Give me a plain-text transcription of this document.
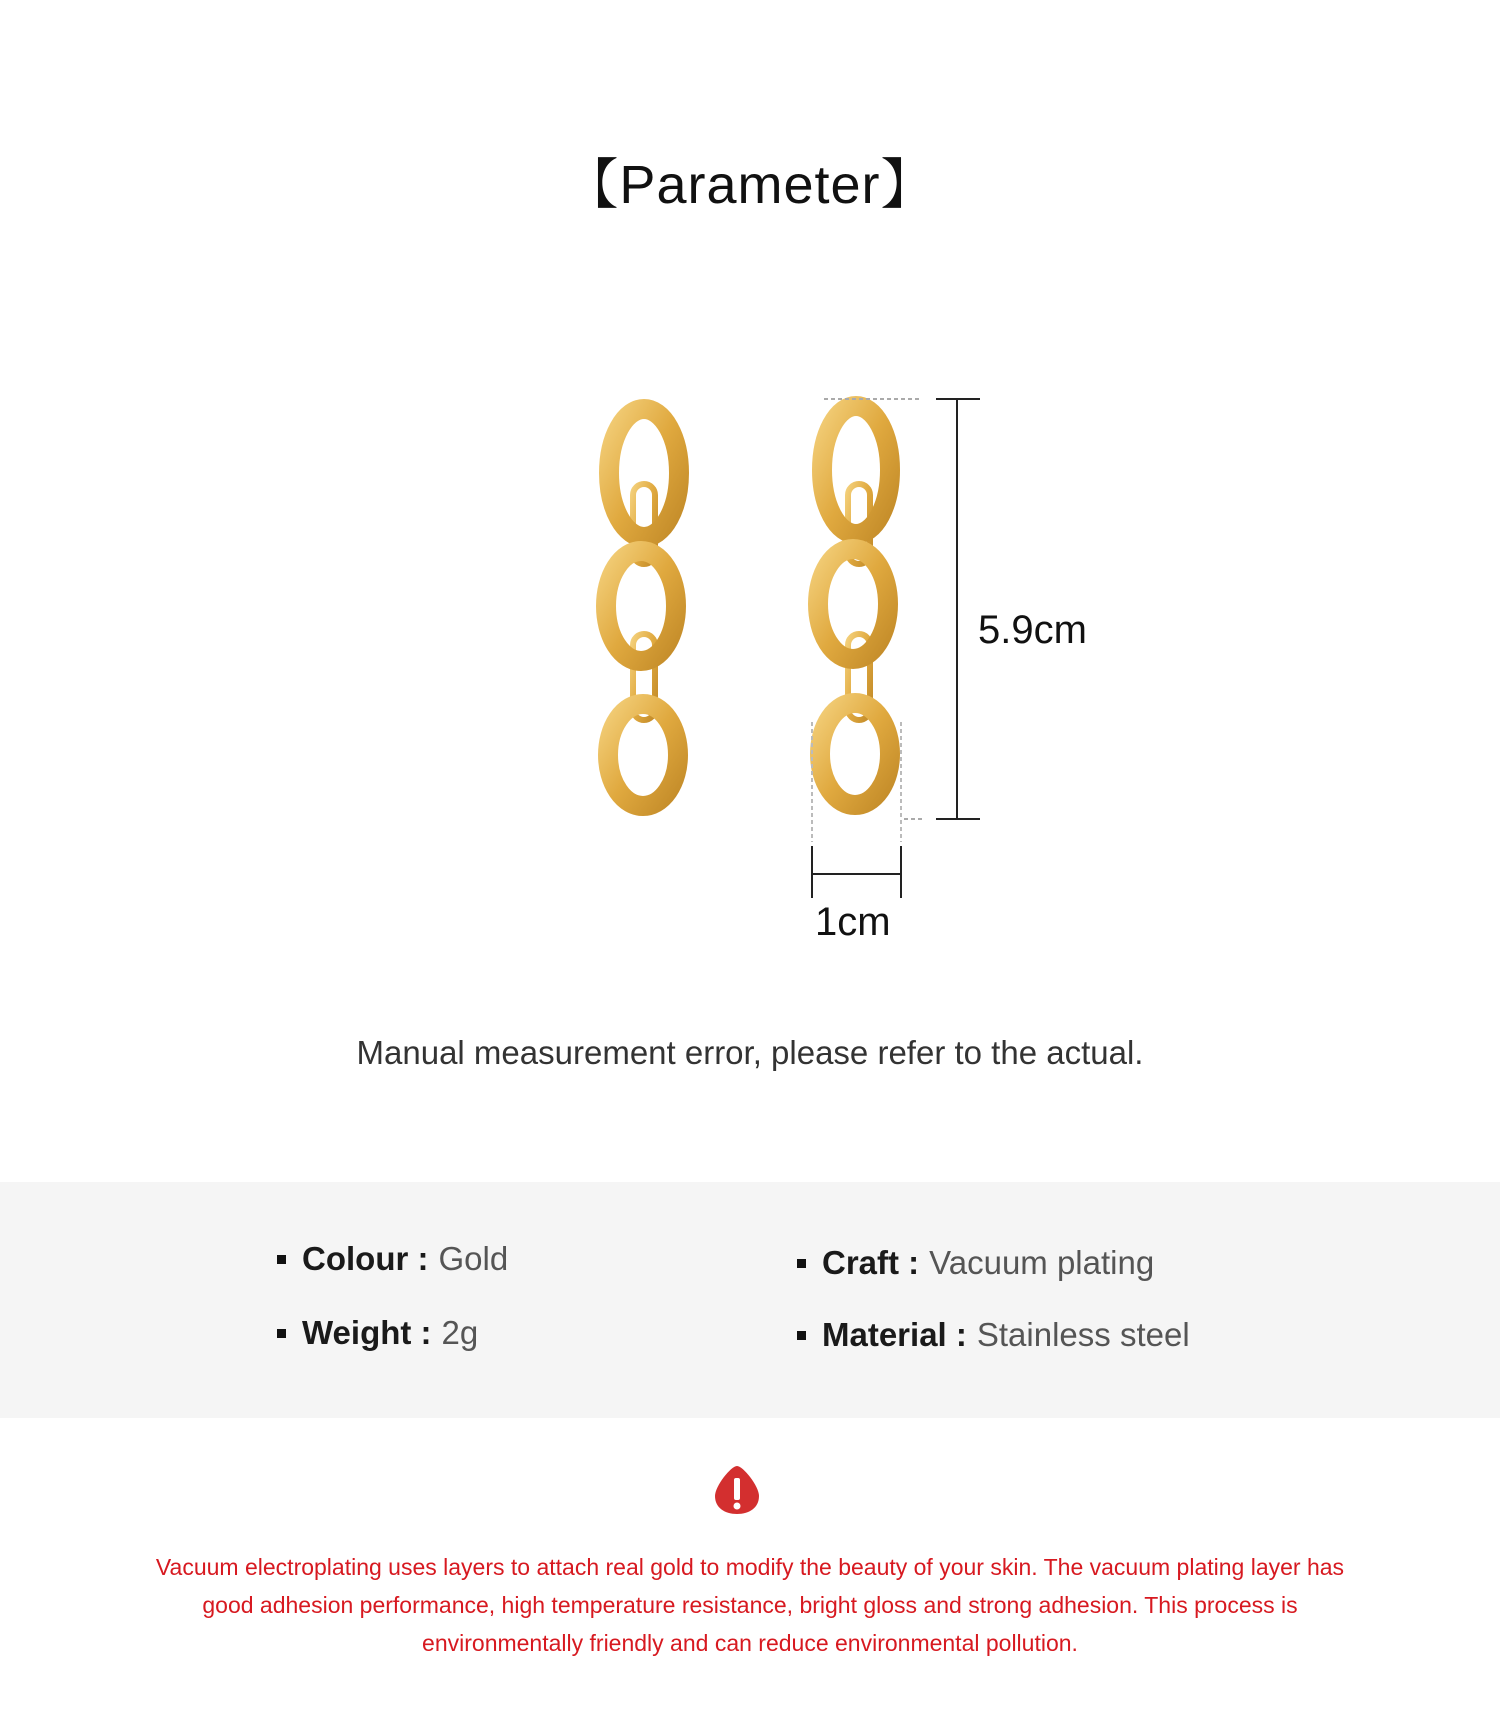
【Parameter】
5.9cm
1cm
Manual measurement error, please refer to the actual.
Colour : Gold
Weight : 2g
Craft : Vacuum plating
Material : Stainless steel
Vacuum electroplating uses layers to attach real gold to modify the beauty of your skin. The vacuum plating layer has good adhesion performance, high temperature resistance, bright gloss and strong adhesion. This process is environmentally friendly and can reduce environmental pollution.
